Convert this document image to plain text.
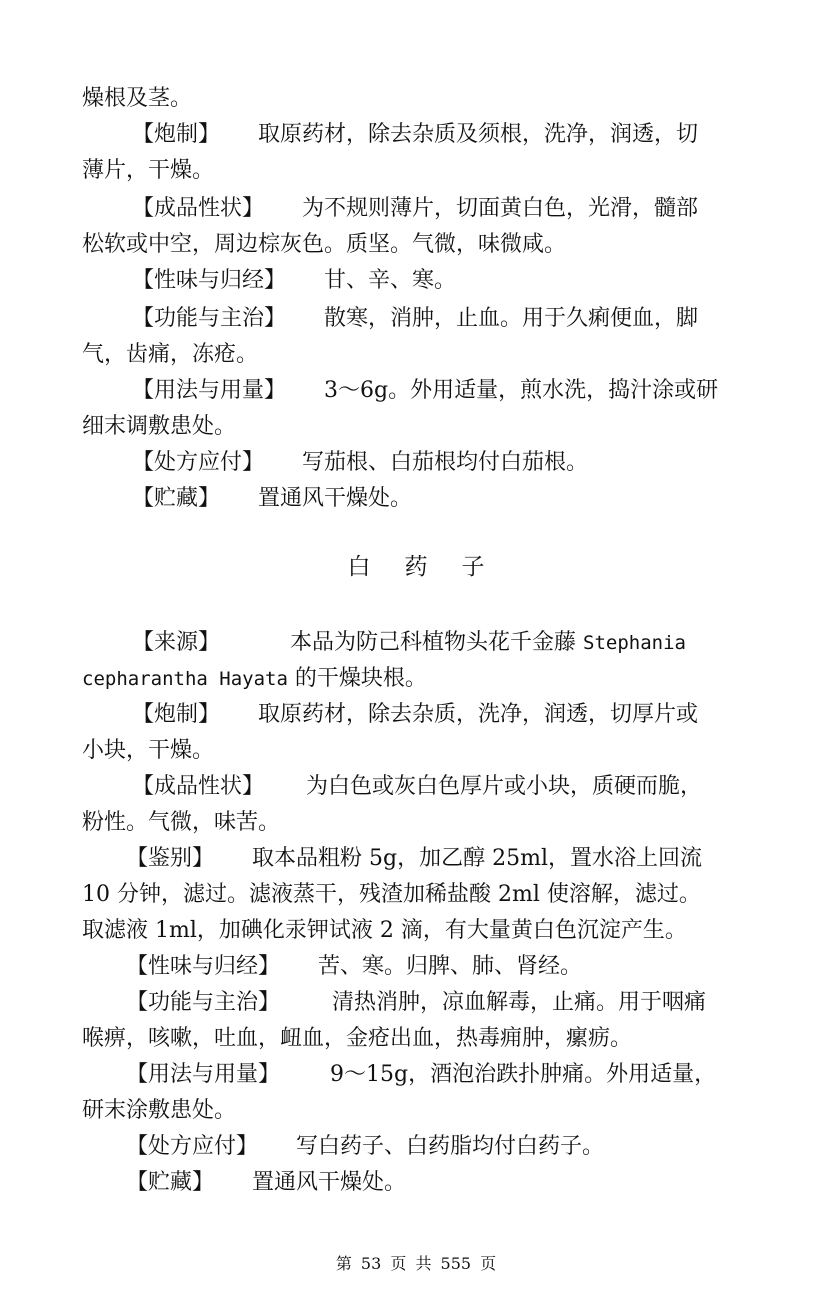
燥根及茎。
【炮制】 取原药材，除去杂质及须根，洗净，润透，切
薄片，干燥。
【成品性状】 为不规则薄片，切面黄白色，光滑，髓部
松软或中空，周边棕灰色。质坚。气微，味微咸。
【性味与归经】 甘、辛、寒。
【功能与主治】 散寒，消肿，止血。用于久痢便血，脚
气，齿痛，冻疮。
【用法与用量】 3～6g。外用适量，煎水洗，捣汁涂或研
细末调敷患处。
【处方应付】 写茄根、白茄根均付白茄根。
【贮藏】 置通风干燥处。
白药子
【来源】	本品为防己科植物头花千金藤 Stephania
cepharantha Hayata 的干燥块根。
【炮制】 取原药材，除去杂质，洗净，润透，切厚片或
小块，干燥。
【成品性状】 为白色或灰白色厚片或小块，质硬而脆，
粉性。气微，味苦。
【鉴别】 取本品粗粉 5g，加乙醇 25ml，置水浴上回流
10 分钟，滤过。滤液蒸干，残渣加稀盐酸 2ml 使溶解，滤过。
取滤液 1ml，加碘化汞钾试液 2 滴，有大量黄白色沉淀产生。
【性味与归经】 苦、寒。归脾、肺、肾经。
【功能与主治】 清热消肿，凉血解毒，止痛。用于咽痛
喉痹，咳嗽，吐血，衄血，金疮出血，热毒痈肿，瘰疬。
【用法与用量】 9～15g，酒泡治跌扑肿痛。外用适量，
研末涂敷患处。
【处方应付】 写白药子、白药脂均付白药子。
【贮藏】 置通风干燥处。
第 53 页 共 555 页
